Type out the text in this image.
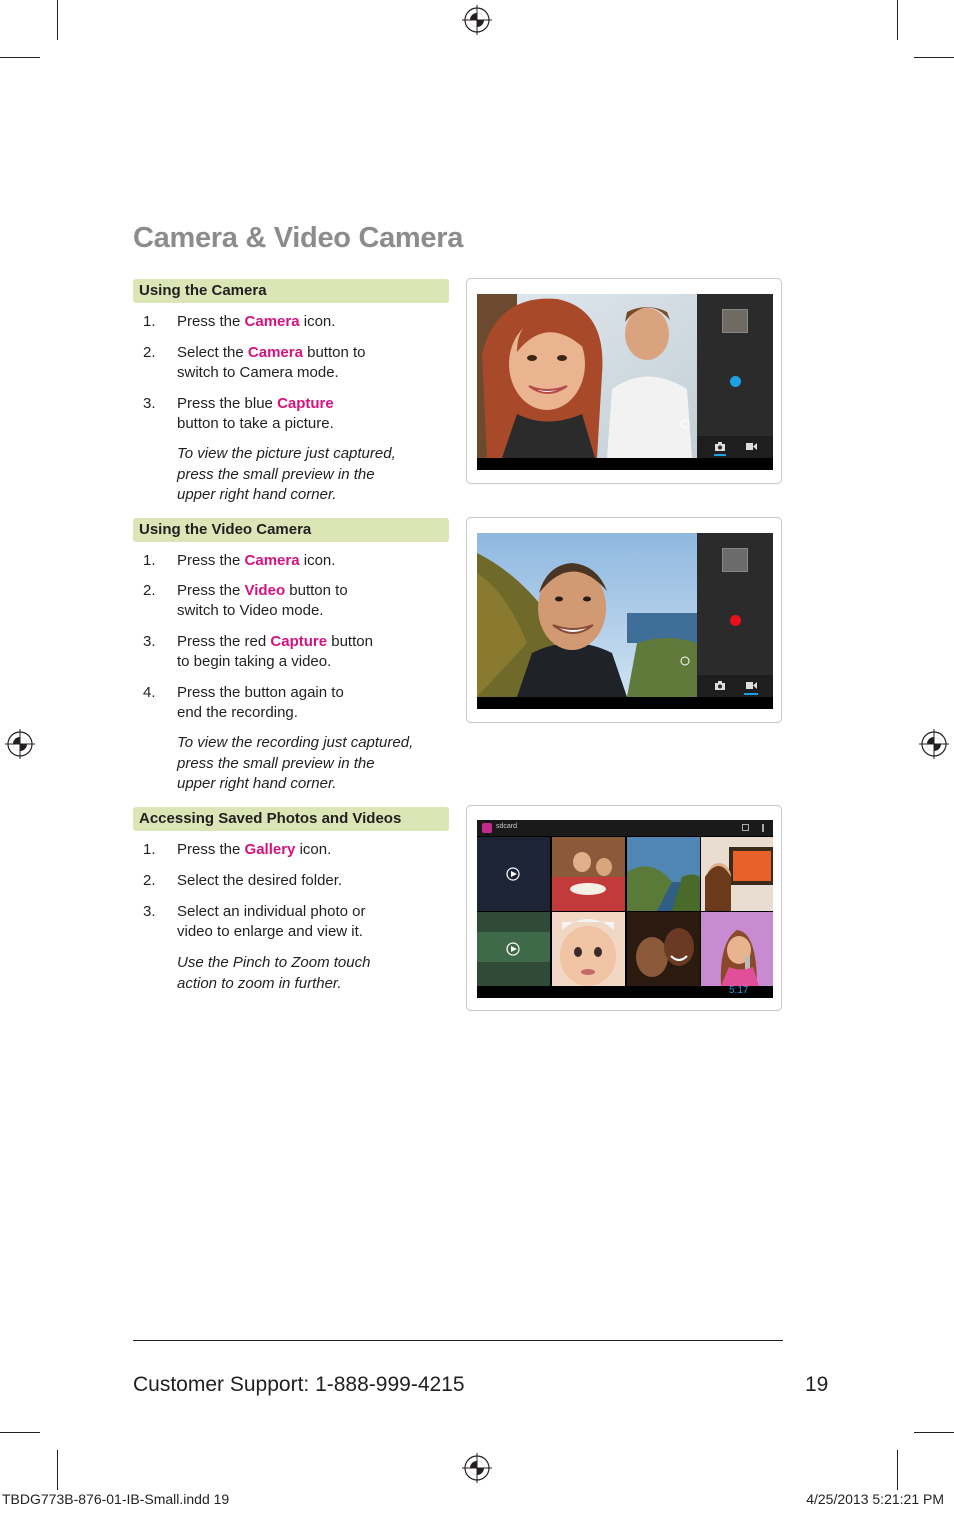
Camera & Video Camera
Using the Camera
1.	Press the Camera icon.
2.	Select the Camera button to
switch to Camera mode.
3.	Press the blue Capture
button to take a picture.
To view the picture just captured,
press the small preview in the
upper right hand corner.
Using the Video Camera
1.	Press the Camera icon.
2.	Press the Video button to
switch to Video mode.
3.	Press the red Capture button
to begin taking a video.
4.	Press the button again to
end the recording.
To view the recording just captured,
press the small preview in the
upper right hand corner.
Accessing Saved Photos and Videos
1.	Press the Gallery icon.
2.	Select the desired folder.
3.	Select an individual photo or
video to enlarge and view it.
Use the Pinch to Zoom touch
action to zoom in further.
sdcard
5:17
Customer Support: 1-888-999-4215	19
TBDG773B-876-01-IB-Small.indd 19	4/25/2013 5:21:21 PM
